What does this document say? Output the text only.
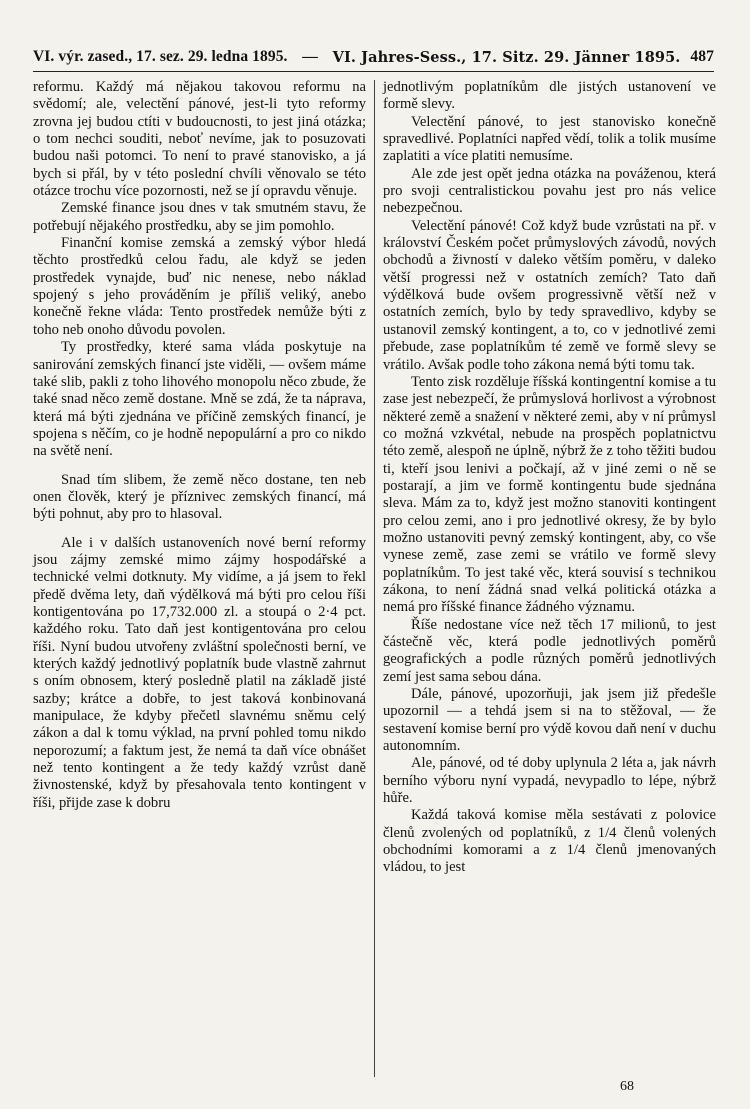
VI. výr. zased., 17. sez. 29. ledna 1895. — VI. Jahres-Sess., 17. Sitz. 29. Jänner 1895. 487

reformu. Každý má nějakou takovou reformu na svědomí; ale, velectění pánové, jest-li tyto reformy zrovna jej budou ctíti v budoucnosti, to jest jiná otázka; o tom nechci souditi, neboť nevíme, jak to posuzovati budou naši potomci. To není to pravé stanovisko, a já bych si přál, by v této poslední chvíli věnovalo se této otázce trochu více pozornosti, než se jí opravdu věnuje.

Zemské finance jsou dnes v tak smutném stavu, že potřebují nějakého prostředku, aby se jim pomohlo.

Finanční komise zemská a zemský výbor hledá těchto prostředků celou řadu, ale když se jeden prostředek vynajde, buď nic nenese, nebo náklad spojený s jeho prováděním je příliš veliký, anebo konečně řekne vláda: Tento prostředek nemůže býti z toho neb onoho důvodu povolen.

Ty prostředky, které sama vláda poskytuje na sanirování zemských financí jste viděli, — ovšem máme také slib, pakli z toho lihového monopolu něco zbude, že také snad něco země dostane. Mně se zdá, že ta náprava, která má býti zjednána ve příčině zemských financí, je spojena s něčím, co je hodně nepopulární a pro co nikdo na světě není.

Snad tím slibem, že země něco dostane, ten neb onen člověk, který je příznivec zemských financí, má býti pohnut, aby pro to hlasoval.

Ale i v dalších ustanoveních nové berní reformy jsou zájmy zemské mimo zájmy hospodářské a technické velmi dotknuty. My vidíme, a já jsem to řekl předě dvěma lety, daň výdělková má býti pro celou říši kontigentována po 17,732.000 zl. a stoupá o 2·4 pct. každého roku. Tato daň jest kontigentována pro celou říši. Nyní budou utvořeny zvláštní společnosti berní, ve kterých každý jednotlivý poplatník bude vlastně zahrnut s oním obnosem, který posledně platil na základě jisté sazby; krátce a dobře, to jest taková konbinovaná manipulace, že kdyby přečetl slavnému sněmu celý zákon a dal k tomu výklad, na první pohled tomu nikdo neporozumí; a faktum jest, že nemá ta daň více obnášet než tento kontingent a že tedy každý vzrůst daně živnostenské, když by přesahovala tento kontingent v říši, přijde zase k dobru

jednotlivým poplatníkům dle jistých ustanovení ve formě slevy.

Velectění pánové, to jest stanovisko konečně spravedlivé. Poplatníci napřed vědí, tolik a tolik musíme zaplatiti a více platiti nemusíme.

Ale zde jest opět jedna otázka na pováženou, která pro svoji centralistickou povahu jest pro nás velice nebezpečnou.

Velectění pánové! Což když bude vzrůstati na př. v království Českém počet průmyslových závodů, nových obchodů a živností v daleko větším poměru, v daleko větší progressi než v ostatních zemích? Tato daň výdělková bude ovšem progressivně větší než v ostatních zemích, bylo by tedy spravedlivo, kdyby se ustanovil zemský kontingent, a to, co v jednotlivé zemi přebude, zase poplatníkům té země ve formě slevy se vrátilo. Avšak podle toho zákona nemá býti tomu tak.

Tento zisk rozděluje říšská kontingentní komise a tu zase jest nebezpečí, že průmyslová horlivost a výrobnost některé země a snažení v některé zemi, aby v ní průmysl co možná vzkvétal, nebude na prospěch poplatnictvu této země, alespoň ne úplně, nýbrž že z toho těžiti budou ti, kteří jsou lenivi a počkají, až v jiné zemi o ně se postarají, a jim ve formě kontingentu bude sjednána sleva. Mám za to, když jest možno stanoviti kontingent pro celou zemi, ano i pro jednotlivé okresy, že by bylo možno ustanoviti pevný zemský kontingent, aby, co vše vynese země, zase zemi se vrátilo ve formě slevy poplatníkům. To jest také věc, která souvisí s technikou zákona, to není žádná snad velká politická otázka a nemá pro říšské finance žádného významu.

Říše nedostane více než těch 17 milionů, to jest částečně věc, která podle jednotlivých poměrů geografických a podle různých poměrů jednotlivých zemí jest sama sebou dána.

Dále, pánové, upozorňuji, jak jsem již předešle upozornil — a tehdá jsem si na to stěžoval, — že sestavení komise berní pro výdě kovou daň není v duchu autonomním.

Ale, pánové, od té doby uplynula 2 léta a, jak návrh berního výboru nyní vypadá, nevypadlo to lépe, nýbrž hůře.

Každá taková komise měla sestávati z polovice členů zvolených od poplatníků, z 1/4 členů volených obchodními komorami a z 1/4 členů jmenovaných vládou, to jest

68
